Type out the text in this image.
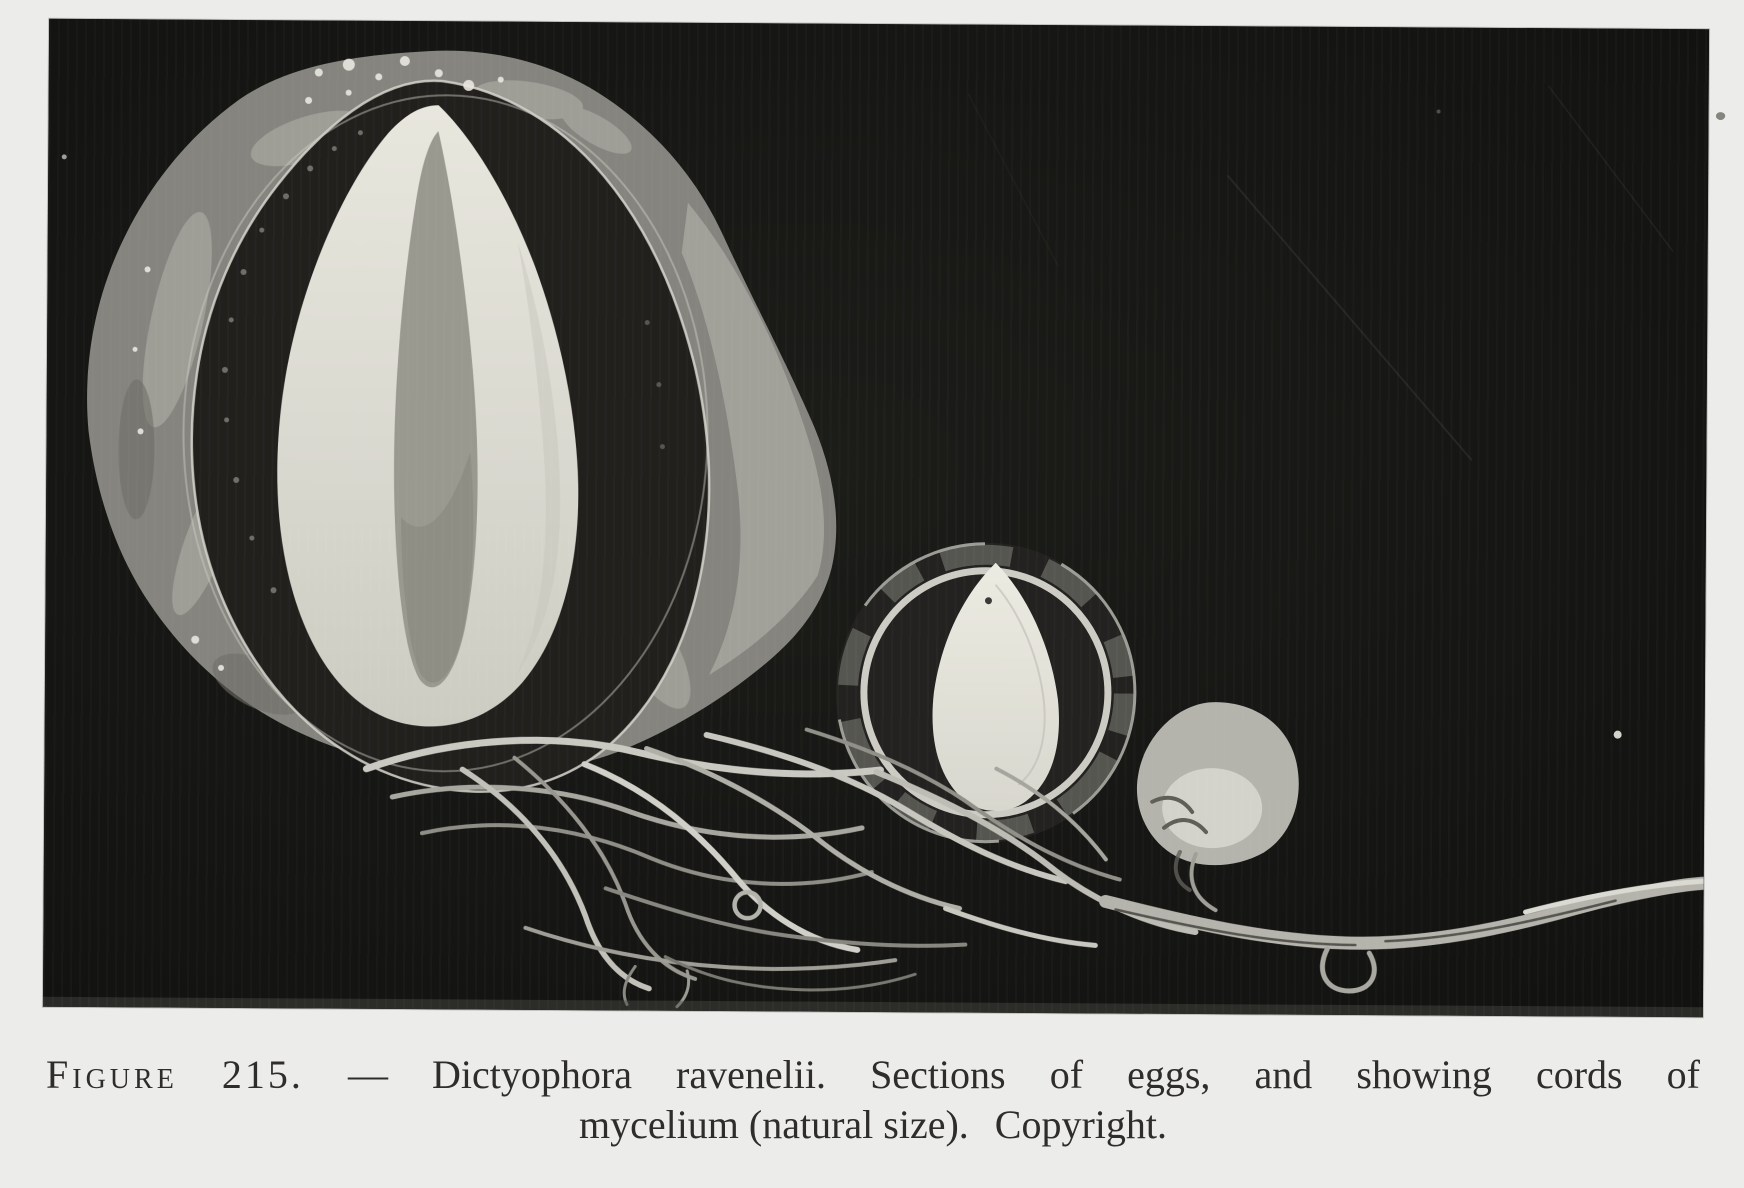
Figure 215. — Dictyophora ravenelii. Sections of eggs, and showing cords of
mycelium (natural size). Copyright.
